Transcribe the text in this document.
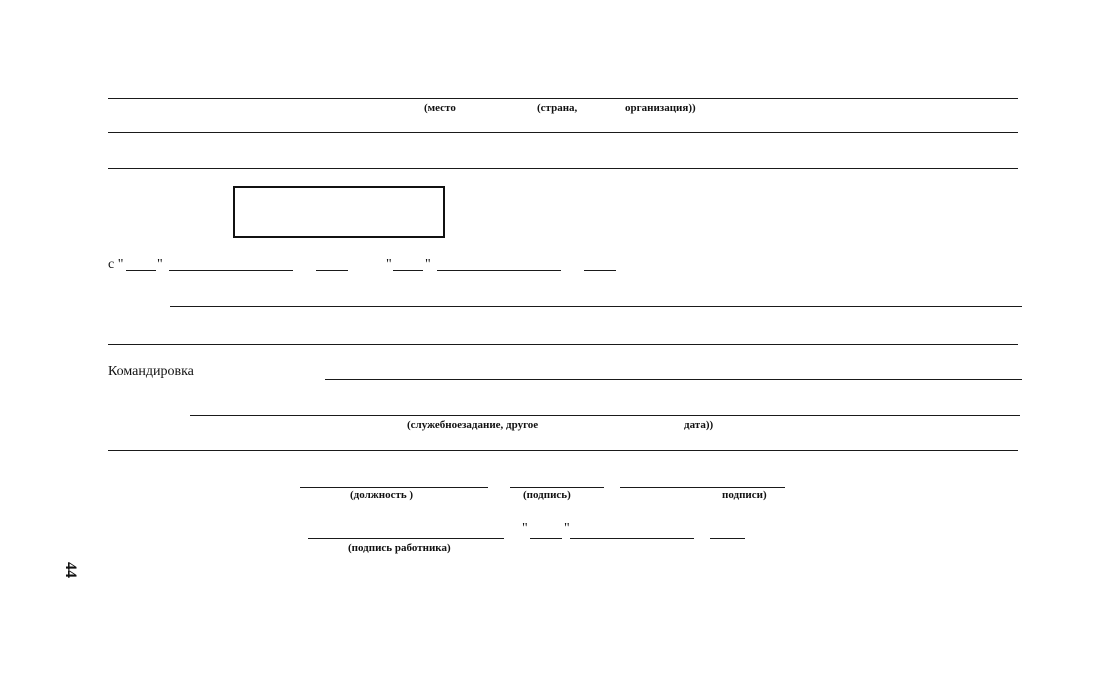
(место	(страна,	организация))
с " "	" "
Командировка
(служебноезадание, другое	дата))
(должность )	(подпись)	подписи)
(подпись работника)
"	"
44
